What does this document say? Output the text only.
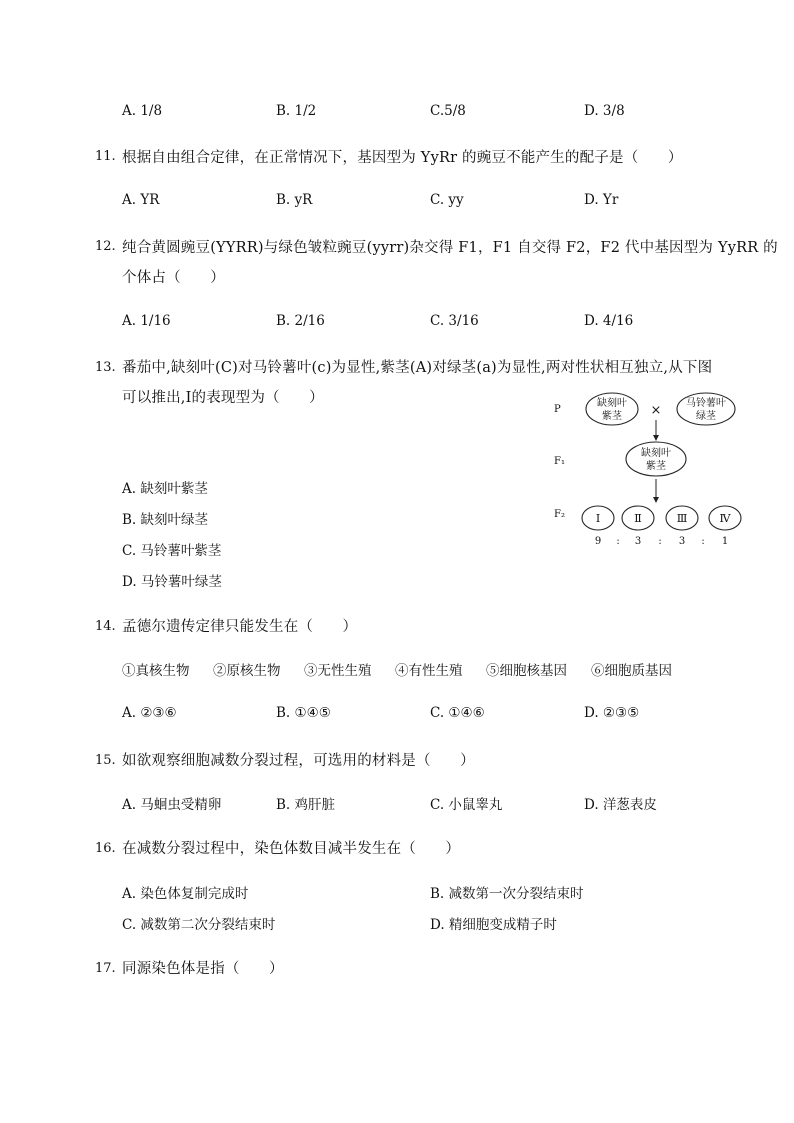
A. 1/8	B. 1/2	C.5/8	D. 3/8
11. 根据自由组合定律，在正常情况下，基因型为 YyRr 的豌豆不能产生的配子是（　　）
A. YR	B. yR	C. yy	D. Yr
12. 纯合黄圆豌豆(YYRR)与绿色皱粒豌豆(yyrr)杂交得 F1，F1 自交得 F2，F2 代中基因型为 YyRR 的
个体占（　　）
A. 1/16	B. 2/16	C. 3/16	D. 4/16
13. 番茄中,缺刻叶(C)对马铃薯叶(c)为显性,紫茎(A)对绿茎(a)为显性,两对性状相互独立,从下图
可以推出,Ⅰ的表现型为（　　）
A. 缺刻叶紫茎
B. 缺刻叶绿茎
C. 马铃薯叶紫茎
D. 马铃薯叶绿茎
P
缺刻叶
紫茎 × 马铃薯叶
绿茎
F₁
缺刻叶
紫茎
F₂	Ⅰ	Ⅱ	Ⅲ	Ⅳ
9 : 3 : 3 : 1
14. 孟德尔遗传定律只能发生在（　　）
①真核生物 ②原核生物 ③无性生殖 ④有性生殖 ⑤细胞核基因 ⑥细胞质基因
A. ②③⑥	B. ①④⑤	C. ①④⑥	D. ②③⑤
15. 如欲观察细胞减数分裂过程，可选用的材料是（　　）
A. 马蛔虫受精卵	B. 鸡肝脏	C. 小鼠睾丸	D. 洋葱表皮
16. 在减数分裂过程中，染色体数目减半发生在（　　）
A. 染色体复制完成时	B. 减数第一次分裂结束时
C. 减数第二次分裂结束时	D. 精细胞变成精子时
17. 同源染色体是指（　　）
